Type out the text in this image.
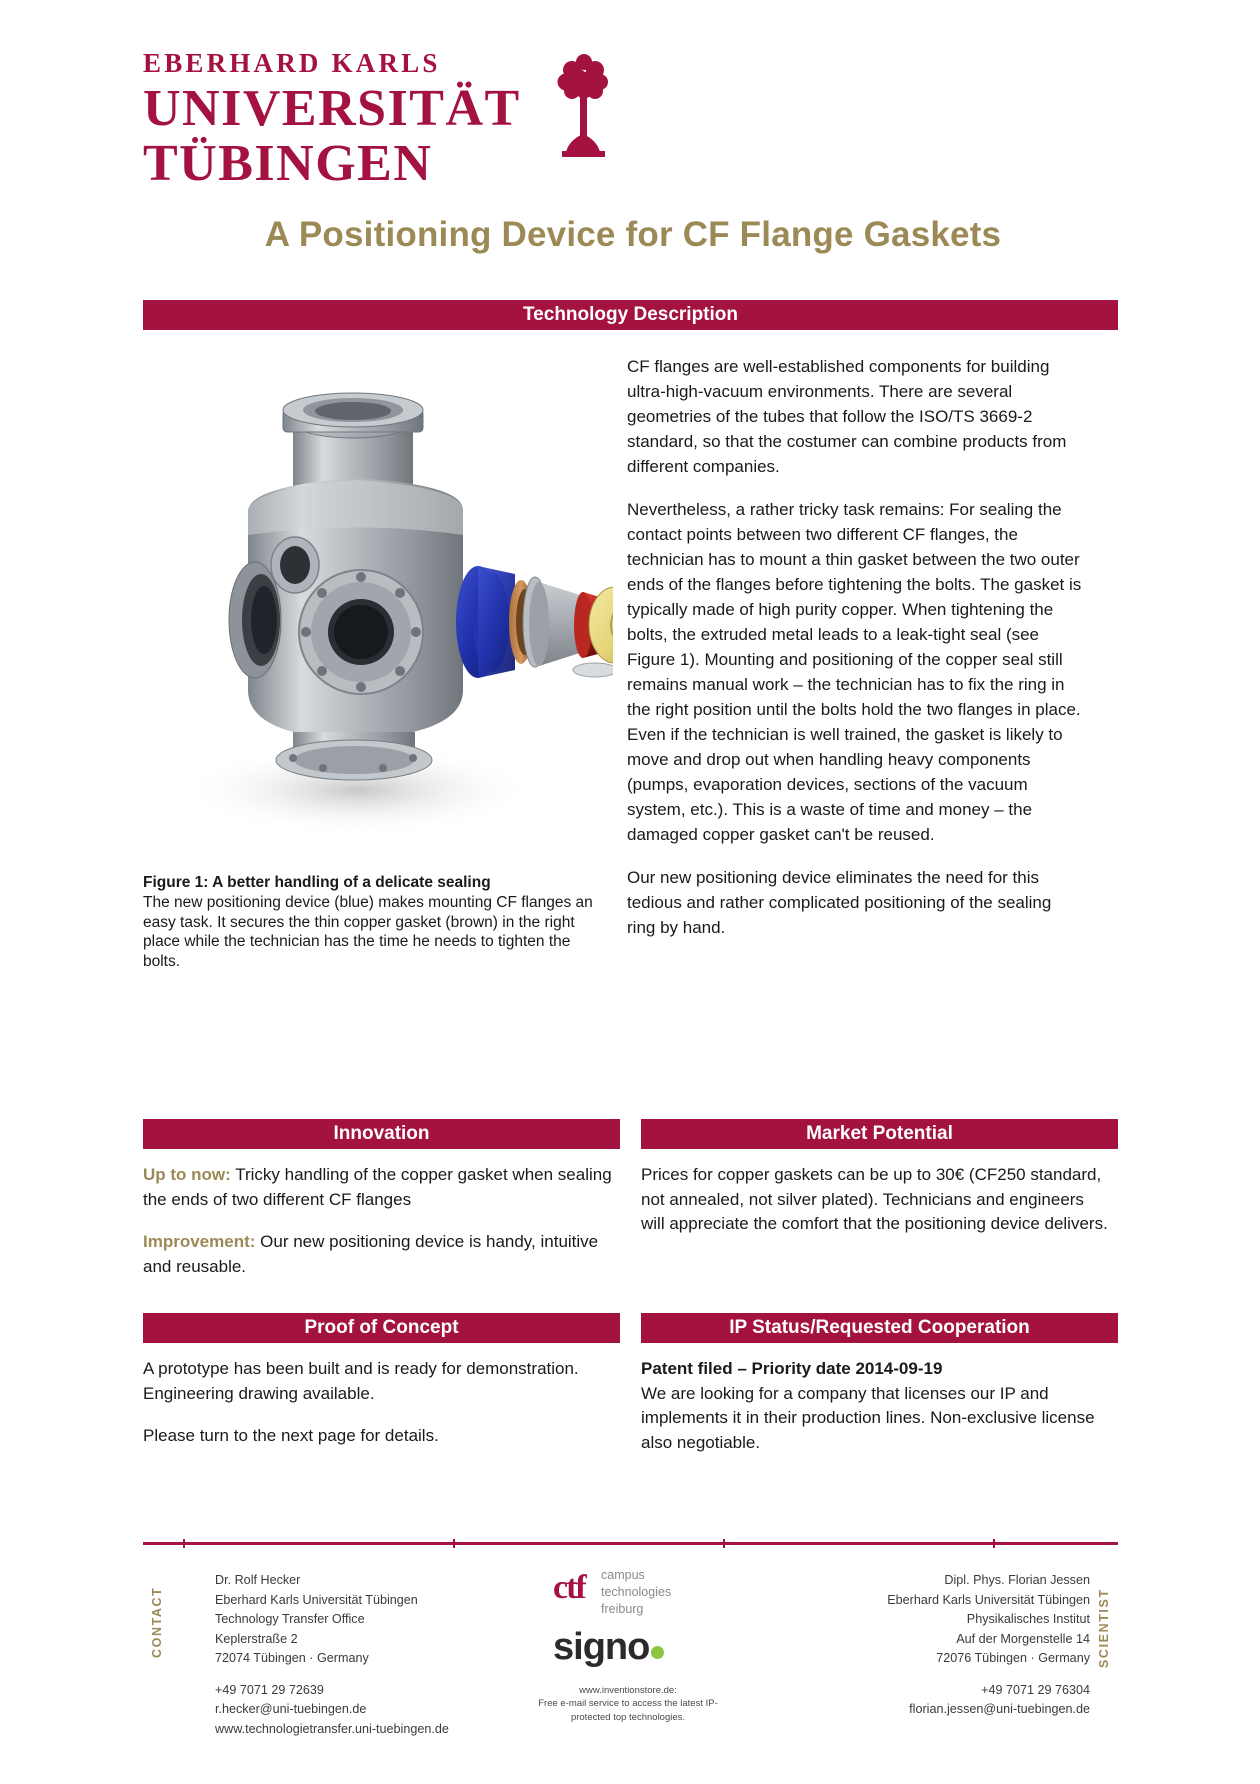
EBERHARD KARLS
UNIVERSITÄT
TÜBINGEN
A Positioning Device for CF Flange Gaskets
Technology Description
Figure 1: A better handling of a delicate sealing
The new positioning device (blue) makes mounting CF flanges an easy task. It secures the thin copper gasket (brown) in the right place while the technician has the time he needs to tighten the bolts.

CF flanges are well-established components for building ultra-high-vacuum environments. There are several geometries of the tubes that follow the ISO/TS 3669-2 standard, so that the costumer can combine products from different companies.

Nevertheless, a rather tricky task remains: For sealing the contact points between two different CF flanges, the technician has to mount a thin gasket between the two outer ends of the flanges before tightening the bolts. The gasket is typically made of high purity copper. When tightening the bolts, the extruded metal leads to a leak-tight seal (see Figure 1). Mounting and positioning of the copper seal still remains manual work – the technician has to fix the ring in the right position until the bolts hold the two flanges in place. Even if the technician is well trained, the gasket is likely to move and drop out when handling heavy components (pumps, evaporation devices, sections of the vacuum system, etc.). This is a waste of time and money – the damaged copper gasket can't be reused.

Our new positioning device eliminates the need for this tedious and rather complicated positioning of the sealing ring by hand.

Innovation

Up to now: Tricky handling of the copper gasket when sealing the ends of two different CF flanges

Improvement: Our new positioning device is handy, intuitive and reusable.

Market Potential

Prices for copper gaskets can be up to 30€ (CF250 standard, not annealed, not silver plated). Technicians and engineers will appreciate the comfort that the positioning device delivers.

Proof of Concept

A prototype has been built and is ready for demonstration. Engineering drawing available.

Please turn to the next page for details.

IP Status/Requested Cooperation

Patent filed – Priority date 2014-09-19
We are looking for a company that licenses our IP and implements it in their production lines. Non-exclusive license also negotiable.

CONTACT	SCIENTIST
Dr. Rolf Hecker
Eberhard Karls Universität Tübingen
Technology Transfer Office
Keplerstraße 2
72074 Tübingen · Germany
+49 7071 29 72639
r.hecker@uni-tuebingen.de
www.technologietransfer.uni-tuebingen.de
Dipl. Phys. Florian Jessen
Eberhard Karls Universität Tübingen
Physikalisches Institut
Auf der Morgenstelle 14
72076 Tübingen · Germany
+49 7071 29 76304
florian.jessen@uni-tuebingen.de
ctf campus
technologies
freiburg
signo
www.inventionstore.de:
Free e-mail service to access the latest IP-
protected top technologies.
